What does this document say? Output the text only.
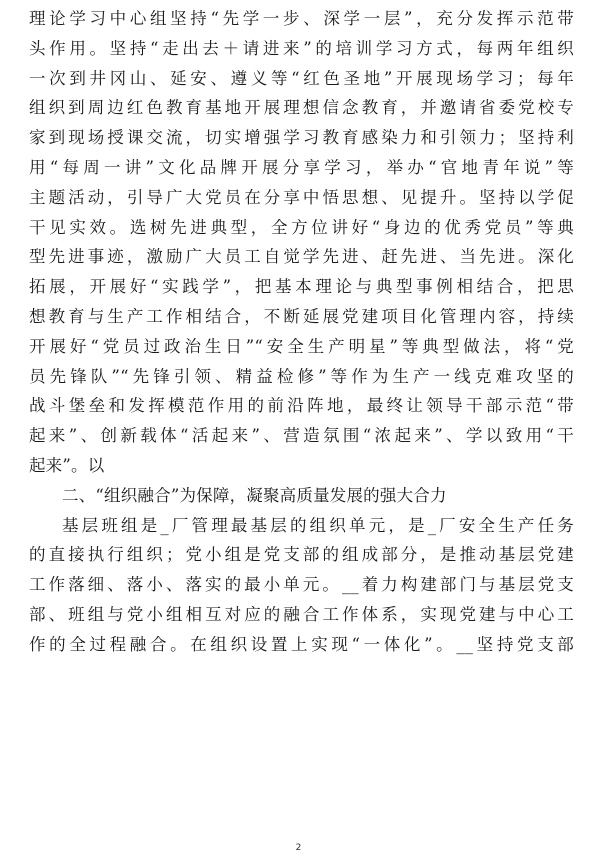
理论学习中心组坚持“先学一步、深学一层”，充分发挥示范带
头作用。坚持“走出去＋请进来”的培训学习方式，每两年组织
一次到井冈山、延安、遵义等“红色圣地”开展现场学习；每年
组织到周边红色教育基地开展理想信念教育，并邀请省委党校专
家到现场授课交流，切实增强学习教育感染力和引领力；坚持利
用“每周一讲”文化品牌开展分享学习，举办“官地青年说”等
主题活动，引导广大党员在分享中悟思想、见提升。坚持以学促
干见实效。选树先进典型，全方位讲好“身边的优秀党员”等典
型先进事迹，激励广大员工自觉学先进、赶先进、当先进。深化
拓展，开展好“实践学”，把基本理论与典型事例相结合，把思
想教育与生产工作相结合，不断延展党建项目化管理内容，持续
开展好“党员过政治生日”“安全生产明星”等典型做法，将“党
员先锋队”“先锋引领、精益检修”等作为生产一线克难攻坚的
战斗堡垒和发挥模范作用的前沿阵地，最终让领导干部示范“带
起来”、创新载体“活起来”、营造氛围“浓起来”、学以致用“干
起来”。以
二、“组织融合”为保障，凝聚高质量发展的强大合力
基层班组是_厂管理最基层的组织单元，是_厂安全生产任务
的直接执行组织；党小组是党支部的组成部分，是推动基层党建
工作落细、落小、落实的最小单元。__着力构建部门与基层党支
部、班组与党小组相互对应的融合工作体系，实现党建与中心工
作的全过程融合。在组织设置上实现“一体化”。__坚持党支部
2
